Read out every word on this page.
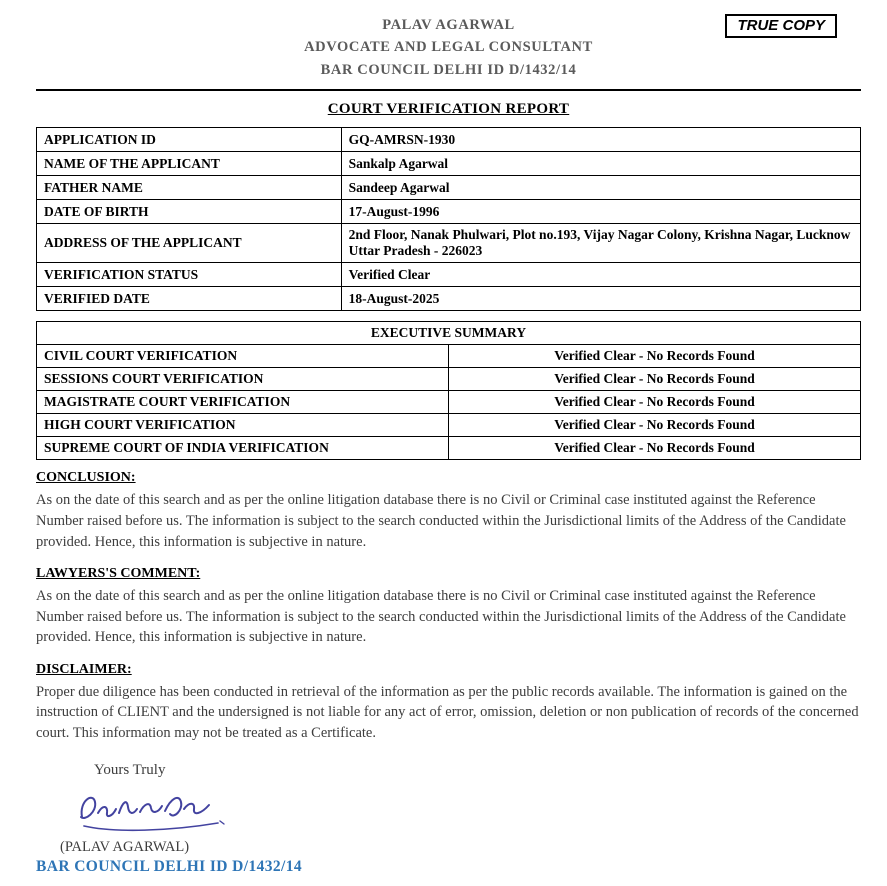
PALAV AGARWAL
ADVOCATE AND LEGAL CONSULTANT
BAR COUNCIL DELHI ID D/1432/14
TRUE COPY
COURT VERIFICATION REPORT
APPLICATION ID	GQ-AMRSN-1930
NAME OF THE APPLICANT	Sankalp Agarwal
FATHER NAME	Sandeep Agarwal
DATE OF BIRTH	17-August-1996
ADDRESS OF THE APPLICANT	2nd Floor, Nanak Phulwari, Plot no.193, Vijay Nagar Colony, Krishna Nagar, Lucknow Uttar Pradesh - 226023
VERIFICATION STATUS	Verified Clear
VERIFIED DATE	18-August-2025
EXECUTIVE SUMMARY	
CIVIL COURT VERIFICATION	Verified Clear - No Records Found
SESSIONS COURT VERIFICATION	Verified Clear - No Records Found
MAGISTRATE COURT VERIFICATION	Verified Clear - No Records Found
HIGH COURT VERIFICATION	Verified Clear - No Records Found
SUPREME COURT OF INDIA VERIFICATION	Verified Clear - No Records Found
CONCLUSION:
As on the date of this search and as per the online litigation database there is no Civil or Criminal case instituted against the Reference Number raised before us. The information is subject to the search conducted within the Jurisdictional limits of the Address of the Candidate provided. Hence, this information is subjective in nature.
LAWYERS'S COMMENT:
As on the date of this search and as per the online litigation database there is no Civil or Criminal case instituted against the Reference Number raised before us. The information is subject to the search conducted within the Jurisdictional limits of the Address of the Candidate provided. Hence, this information is subjective in nature.
DISCLAIMER:
Proper due diligence has been conducted in retrieval of the information as per the public records available. The information is gained on the instruction of CLIENT and the undersigned is not liable for any act of error, omission, deletion or non publication of records of the concerned court. This information may not be treated as a Certificate.
Yours Truly
(PALAV AGARWAL)
BAR COUNCIL DELHI ID D/1432/14
